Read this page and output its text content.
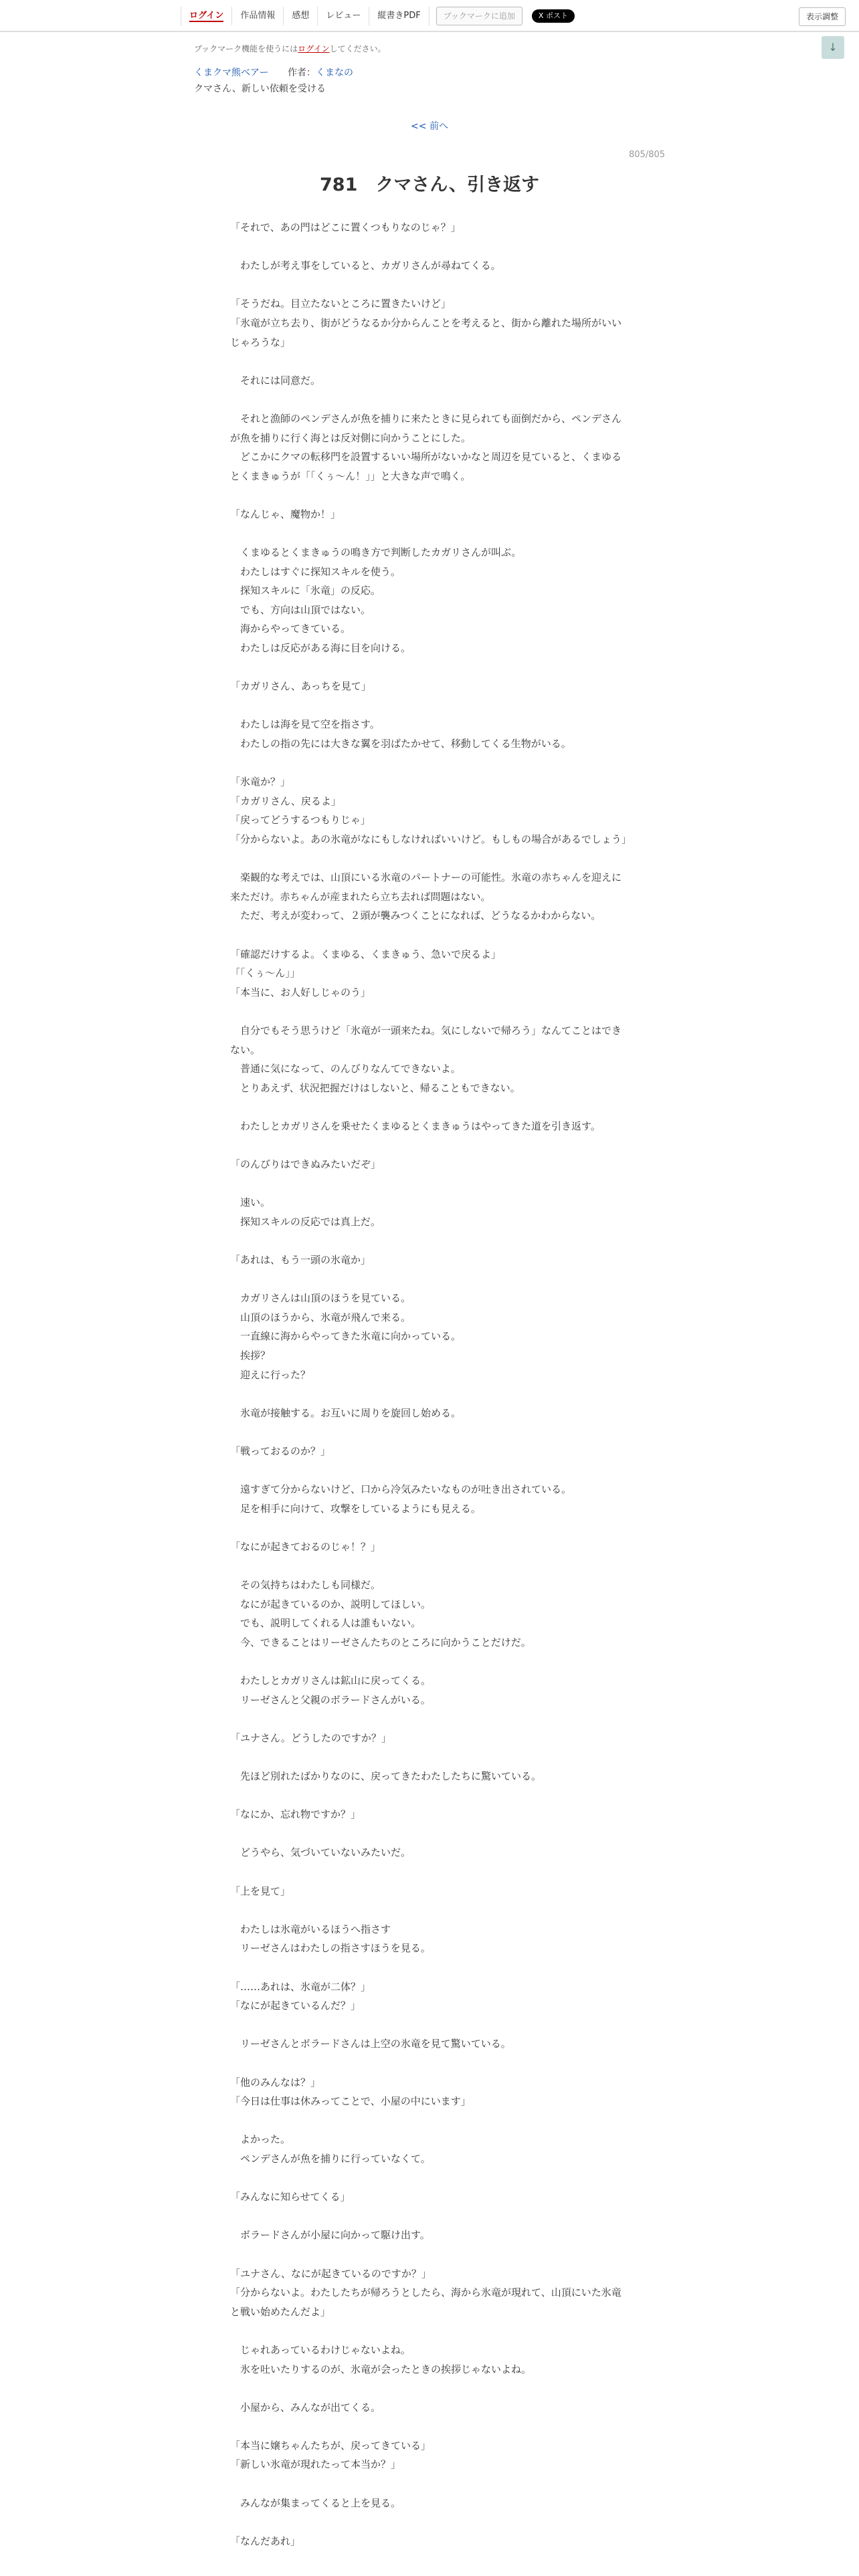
ログイン	作品情報	感想	レビュー	縦書きPDF	ブックマークに追加	X ポスト	表示調整
↓
ブックマーク機能を使うにはログインしてください。
くまクマ熊ベアー 作者：くまなの
クマさん、新しい依頼を受ける
<< 前へ
805/805
781　クマさん、引き返す

「それで、あの門はどこに置くつもりなのじゃ？」

　わたしが考え事をしていると、カガリさんが尋ねてくる。

「そうだね。目立たないところに置きたいけど」

「氷竜が立ち去り、街がどうなるか分からんことを考えると、街から離れた場所がいいじゃろうな」

　それには同意だ。

　それと漁師のペンデさんが魚を捕りに来たときに見られても面倒だから、ペンデさんが魚を捕りに行く海とは反対側に向かうことにした。

　どこかにクマの転移門を設置するいい場所がないかなと周辺を見ていると、くまゆるとくまきゅうが「「くぅ〜ん！」」と大きな声で鳴く。

「なんじゃ、魔物か！」

　くまゆるとくまきゅうの鳴き方で判断したカガリさんが叫ぶ。

　わたしはすぐに探知スキルを使う。

　探知スキルに「氷竜」の反応。

　でも、方向は山頂ではない。

　海からやってきている。

　わたしは反応がある海に目を向ける。

「カガリさん、あっちを見て」

　わたしは海を見て空を指さす。

　わたしの指の先には大きな翼を羽ばたかせて、移動してくる生物がいる。

「氷竜か？」

「カガリさん、戻るよ」

「戻ってどうするつもりじゃ」

「分からないよ。あの氷竜がなにもしなければいいけど。もしもの場合があるでしょう」

　楽観的な考えでは、山頂にいる氷竜のパートナーの可能性。氷竜の赤ちゃんを迎えに来ただけ。赤ちゃんが産まれたら立ち去れば問題はない。

　ただ、考えが変わって、２頭が襲みつくことになれば、どうなるかわからない。

「確認だけするよ。くまゆる、くまきゅう、急いで戻るよ」

「「くぅ〜ん」」

「本当に、お人好しじゃのう」

　自分でもそう思うけど「氷竜が一頭来たね。気にしないで帰ろう」なんてことはできない。

　普通に気になって、のんびりなんてできないよ。

　とりあえず、状況把握だけはしないと、帰ることもできない。

　わたしとカガリさんを乗せたくまゆるとくまきゅうはやってきた道を引き返す。

「のんびりはできぬみたいだぞ」

　速い。

　探知スキルの反応では真上だ。

「あれは、もう一頭の氷竜か」

　カガリさんは山頂のほうを見ている。

　山頂のほうから、氷竜が飛んで来る。

　一直線に海からやってきた氷竜に向かっている。

　挨拶？

　迎えに行った？

　氷竜が接触する。お互いに周りを旋回し始める。

「戦っておるのか？」

　遠すぎて分からないけど、口から冷気みたいなものが吐き出されている。

　足を相手に向けて、攻撃をしているようにも見える。

「なにが起きておるのじゃ！？」

　その気持ちはわたしも同様だ。

　なにが起きているのか、説明してほしい。

　でも、説明してくれる人は誰もいない。

　今、できることはリーゼさんたちのところに向かうことだけだ。

　わたしとカガリさんは鉱山に戻ってくる。

　リーゼさんと父親のボラードさんがいる。

「ユナさん。どうしたのですか？」

　先ほど別れたばかりなのに、戻ってきたわたしたちに驚いている。

「なにか、忘れ物ですか？」

　どうやら、気づいていないみたいだ。

「上を見て」

　わたしは氷竜がいるほうへ指さす

　リーゼさんはわたしの指さすほうを見る。

「……あれは、氷竜が二体？」

「なにが起きているんだ？」

　リーゼさんとボラードさんは上空の氷竜を見て驚いている。

「他のみんなは？」

「今日は仕事は休みってことで、小屋の中にいます」

　よかった。

　ペンデさんが魚を捕りに行っていなくて。

「みんなに知らせてくる」

　ボラードさんが小屋に向かって駆け出す。

「ユナさん、なにが起きているのですか？」

「分からないよ。わたしたちが帰ろうとしたら、海から氷竜が現れて、山頂にいた氷竜と戦い始めたんだよ」

　じゃれあっているわけじゃないよね。

　氷を吐いたりするのが、氷竜が会ったときの挨拶じゃないよね。

　小屋から、みんなが出てくる。

「本当に嬢ちゃんたちが、戻ってきている」

「新しい氷竜が現れたって本当か？」

　みんなが集まってくると上を見る。

「なんだあれ」
